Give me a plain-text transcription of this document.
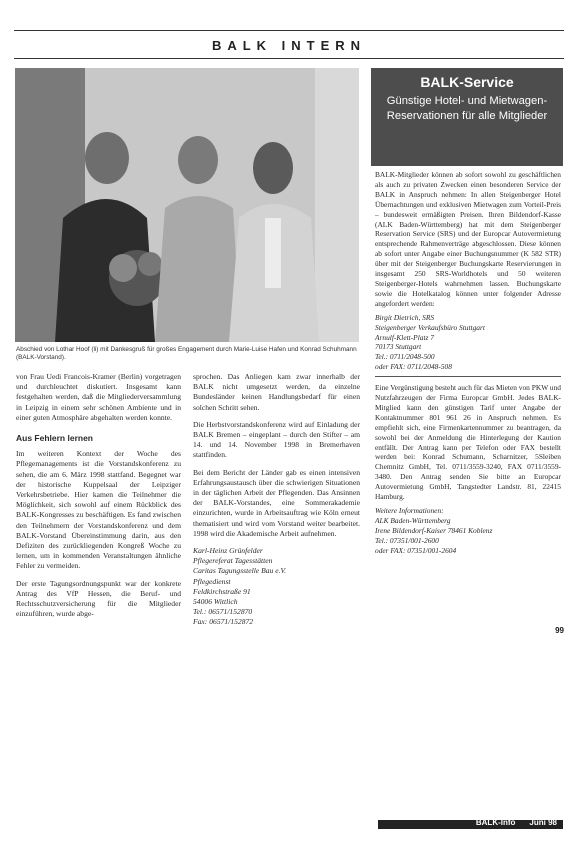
BALK INTERN
Abschied von Lothar Hoof (li) mit Dankesgruß für großes Engagement durch Marie-Luise Hafen und Konrad Schuhmann (BALK-Vorstand).

von Frau Uedi Francois-Kramer (Berlin) vorgetragen und durchleuchtet diskutiert. Insgesamt kann festgehalten werden, daß die Mitgliederversammlung in Leipzig in einem sehr schönen Ambiente und in einer guten Atmosphäre abgehalten werden konnte.

Aus Fehlern lernen

Im weiteren Kontext der Woche des Pflegemanagements ist die Vorstandskonferenz zu sehen, die am 6. März 1998 stattfand. Begegnet war der historische Kuppelsaal der Leipziger Verkehrsbetriebe. Hier kamen die Teilnehmer die Möglichkeit, sich sowohl auf einem Rückblick des BALK-Kongresses zu beschäftigen. Es fand zwischen den Teilnehmern der Vorstandskonferenz und dem BALK-Vorstand Übereinstimmung darin, aus den Defiziten des zurückliegenden Kongreß Woche zu lernen, um in kommenden Veranstaltungen ähnliche Fehler zu vermeiden.

Der erste Tagungsordnungspunkt war der konkrete Antrag des VfP Hessen, die Beruf- und Rechtsschutzversicherung für die Mitglieder einzuführen, wurde abge-

sprochen. Das Anliegen kam zwar innerhalb der BALK nicht umgesetzt werden, da einzelne Bundesländer keinen Handlungsbedarf für einen solchen Schritt sehen.

Die Herbstvorstandskonferenz wird auf Einladung der BALK Bremen – eingeplant – durch den Stifter – am 14. und 14. November 1998 in Bremerhaven stattfinden.

Bei dem Bericht der Länder gab es einen intensiven Erfahrungsaustausch über die schwierigen Situationen in der täglichen Arbeit der Pflegenden. Das Ansinnen der BALK-Vorstandes, eine Sommerakademie einzurichten, wurde in Arbeitsauftrag wie Köln erneut thematisiert und wird vom Vorstand weiter bearbeitet. 1998 wird die Akademische Arbeit aufnehmen.

Karl-Heinz Grünfelder
Pflegereferat Tagesstätten
Caritas Tagungsstelle Bau e.V.
Pflegedienst
Feldkirchstraße 91
54006 Wittlich
Tel.: 06571/152870
Fax: 06571/152872

BALK-Service
Günstige Hotel- und Mietwagen-Reservationen für alle Mitglieder

BALK-Mitglieder können ab sofort sowohl zu geschäftlichen als auch zu privaten Zwecken einen besonderen Service der BALK in Anspruch nehmen: In allen Steigenberger Hotel Übernachtungen und exklusiven Mietwagen zum Vorteil-Preis – bundesweit ermäßigten Preisen. Ihren Bildendorf-Kasse (ALK Baden-Württemberg) hat mit dem Steigenberger Reservation Service (SRS) und der Europcar Autovermietung entsprechende Rahmenverträge abgeschlossen. Diese können ab sofort unter Angabe einer Buchungsnummer (K 582 STR) über mit der Steigenberger Buchungskarte Reservierungen in insgesamt 250 SRS-Worldhotels und 50 weiteren Steigenberger-Hotels wahrnehmen lassen. Buchungskarte sowie die Hotelkatalog können unter folgender Adresse angefordert werden:

Birgit Dietrich, SRS
Steigenberger Verkaufsbüro Stuttgart
Arnulf-Klett-Platz 7
70173 Stuttgart
Tel.: 0711/2048-500
oder FAX: 0711/2048-508

Eine Vergünstigung besteht auch für das Mieten von PKW und Nutzfahrzeugen der Firma Europcar GmbH. Jedes BALK-Mitglied kann den günstigen Tarif unter Angabe der Kontaktnummer 801 961 26 in Anspruch nehmen. Es empfiehlt sich, eine Firmenkartennummer zu beantragen, da sowohl bei der Anmeldung die Hinterlegung der Kaution entfällt. Der Antrag kann per Telefon oder FAX bestellt werden bei: Konrad Schumann, Scharnitzer, 5Sleiben Chemnitz GmbH, Tel. 0711/3559-3240, FAX 0711/3559-3480. Den Antrag senden Sie bitte an Europcar Autovermietung GmbH, Tangstedter Landstr. 81, 22415 Hamburg.

Weitere Informationen:
ALK Baden-Württemberg
Irene Bildendorf-Kaiser 78461 Koblenz
Tel.: 07351/001-2600
oder FAX: 07351/001-2604

99
BALK-Info Juni 98
